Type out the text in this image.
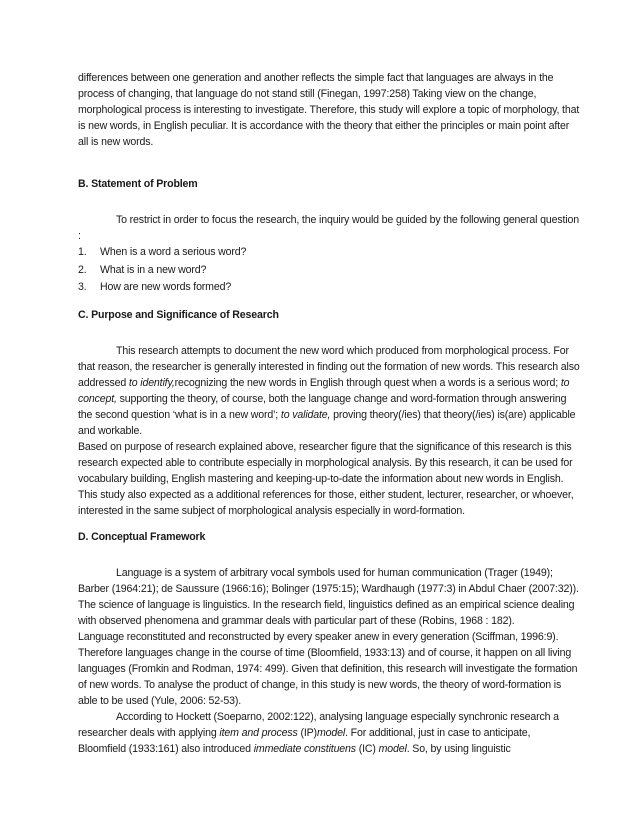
differences between one generation and another reflects the simple fact that languages are always in the process of changing, that language do not stand still (Finegan, 1997:258) Taking view on the change, morphological process is interesting to investigate. Therefore, this study will explore a topic of morphology, that is new words, in English peculiar. It is accordance with the theory that either the principles or main point after all is new words.

B. Statement of Problem

To restrict in order to focus the research, the inquiry would be guided by the following general question :

1.	When is a word a serious word?
2.	What is in a new word?
3.	How are new words formed?

C. Purpose and Significance of Research

This research attempts to document the new word which produced from morphological process. For that reason, the researcher is generally interested in finding out the formation of new words. This research also addressed to identify,recognizing the new words in English through quest when a words is a serious word; to concept, supporting the theory, of course, both the language change and word-formation through answering the second question ‘what is in a new word’; to validate, proving theory(/ies) that theory(/ies) is(are) applicable and workable.

Based on purpose of research explained above, researcher figure that the significance of this research is this research expected able to contribute especially in morphological analysis. By this research, it can be used for vocabulary building, English mastering and keeping-up-to-date the information about new words in English.

This study also expected as a additional references for those, either student, lecturer, researcher, or whoever, interested in the same subject of morphological analysis especially in word-formation.

D. Conceptual Framework

Language is a system of arbitrary vocal symbols used for human communication (Trager (1949); Barber (1964:21); de Saussure (1966:16); Bolinger (1975:15); Wardhaugh (1977:3) in Abdul Chaer (2007:32)). The science of language is linguistics. In the research field, linguistics defined as an empirical science dealing with observed phenomena and grammar deals with particular part of these (Robins, 1968 : 182).

Language reconstituted and reconstructed by every speaker anew in every generation (Sciffman, 1996:9). Therefore languages change in the course of time (Bloomfield, 1933:13) and of course, it happen on all living languages (Fromkin and Rodman, 1974: 499). Given that definition, this research will investigate the formation of new words. To analyse the product of change, in this study is new words, the theory of word-formation is able to be used (Yule, 2006: 52-53).

According to Hockett (Soeparno, 2002:122), analysing language especially synchronic research a researcher deals with applying item and process (IP)model. For additional, just in case to anticipate, Bloomfield (1933:161) also introduced immediate constituens (IC) model. So, by using linguistic
